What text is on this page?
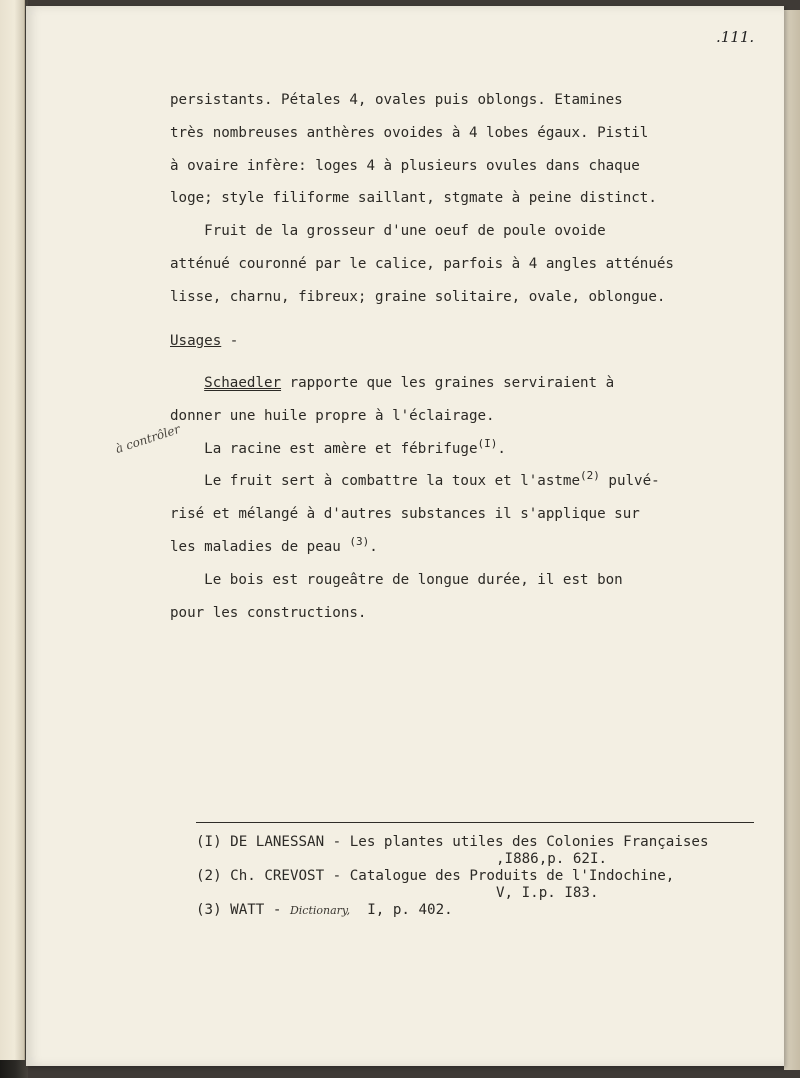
.111.
persistants. Pétales 4, ovales puis oblongs. Etamines
très nombreuses anthères ovoides à 4 lobes égaux. Pistil
à ovaire infère: loges 4 à plusieurs ovules dans chaque
loge; style filiforme saillant, stgmate à peine distinct.
Fruit de la grosseur d'une oeuf de poule ovoide
atténué couronné par le calice, parfois à 4 angles atténués
lisse, charnu, fibreux; graine solitaire, ovale, oblongue.
Usages -
Schaedler rapporte que les graines serviraient à
donner une huile propre à l'éclairage.
La racine est amère et fébrifuge$^{(I)}$.
Le fruit sert à combattre la toux et l'astme$^{(2)}$ pulvé-
risé et mélangé à d'autres substances il s'applique sur
les maladies de peau $^{(3)}$.
Le bois est rougeâtre de longue durée, il est bon
pour les constructions.
à contrôler
(I) DE LANESSAN - Les plantes utiles des Colonies Françaises
,I886,p. 62I.
(2) Ch. CREVOST - Catalogue des Produits de l'Indochine,
V, I.p. I83.
(3) WATT - Dictionary,  I, p. 402.
